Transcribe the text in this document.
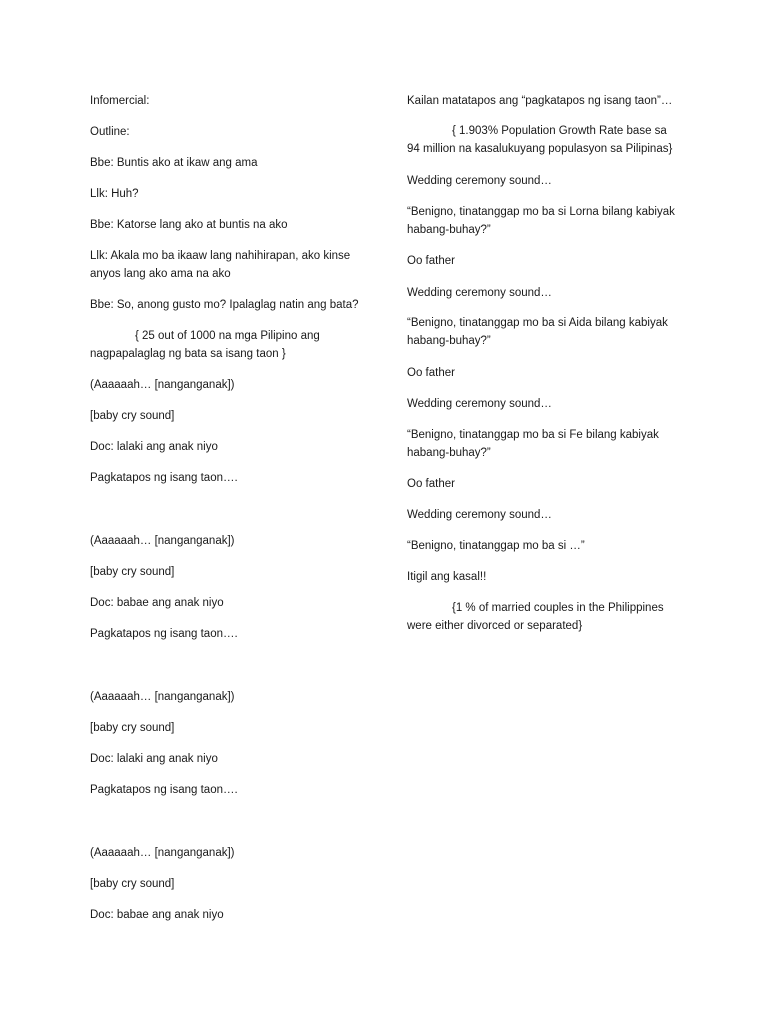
Infomercial:
Outline:
Bbe: Buntis ako at ikaw ang ama
Llk: Huh?
Bbe: Katorse lang ako at buntis na ako
Llk: Akala mo ba ikaaw lang nahihirapan, ako kinse
anyos lang ako ama na ako
Bbe: So, anong gusto mo? Ipalaglag natin ang bata?
{ 25 out of 1000 na mga Pilipino ang
nagpapalaglag ng bata sa isang taon }
(Aaaaaah… [nanganganak])
[baby cry sound]
Doc: lalaki ang anak niyo
Pagkatapos ng isang taon….
(Aaaaaah… [nanganganak])
[baby cry sound]
Doc: babae ang anak niyo
Pagkatapos ng isang taon….
(Aaaaaah… [nanganganak])
[baby cry sound]
Doc: lalaki ang anak niyo
Pagkatapos ng isang taon….
(Aaaaaah… [nanganganak])
[baby cry sound]
Doc: babae ang anak niyo
Kailan matatapos ang “pagkatapos ng isang taon”…
{ 1.903% Population Growth Rate base sa
94 million na kasalukuyang populasyon sa Pilipinas}
Wedding ceremony sound…
“Benigno, tinatanggap mo ba si Lorna bilang kabiyak
habang-buhay?”
Oo father
Wedding ceremony sound…
“Benigno, tinatanggap mo ba si Aida bilang kabiyak
habang-buhay?”
Oo father
Wedding ceremony sound…
“Benigno, tinatanggap mo ba si Fe bilang kabiyak
habang-buhay?”
Oo father
Wedding ceremony sound…
“Benigno, tinatanggap mo ba si …”
Itigil ang kasal!!
{1 % of married couples in the Philippines
were either divorced or separated}
